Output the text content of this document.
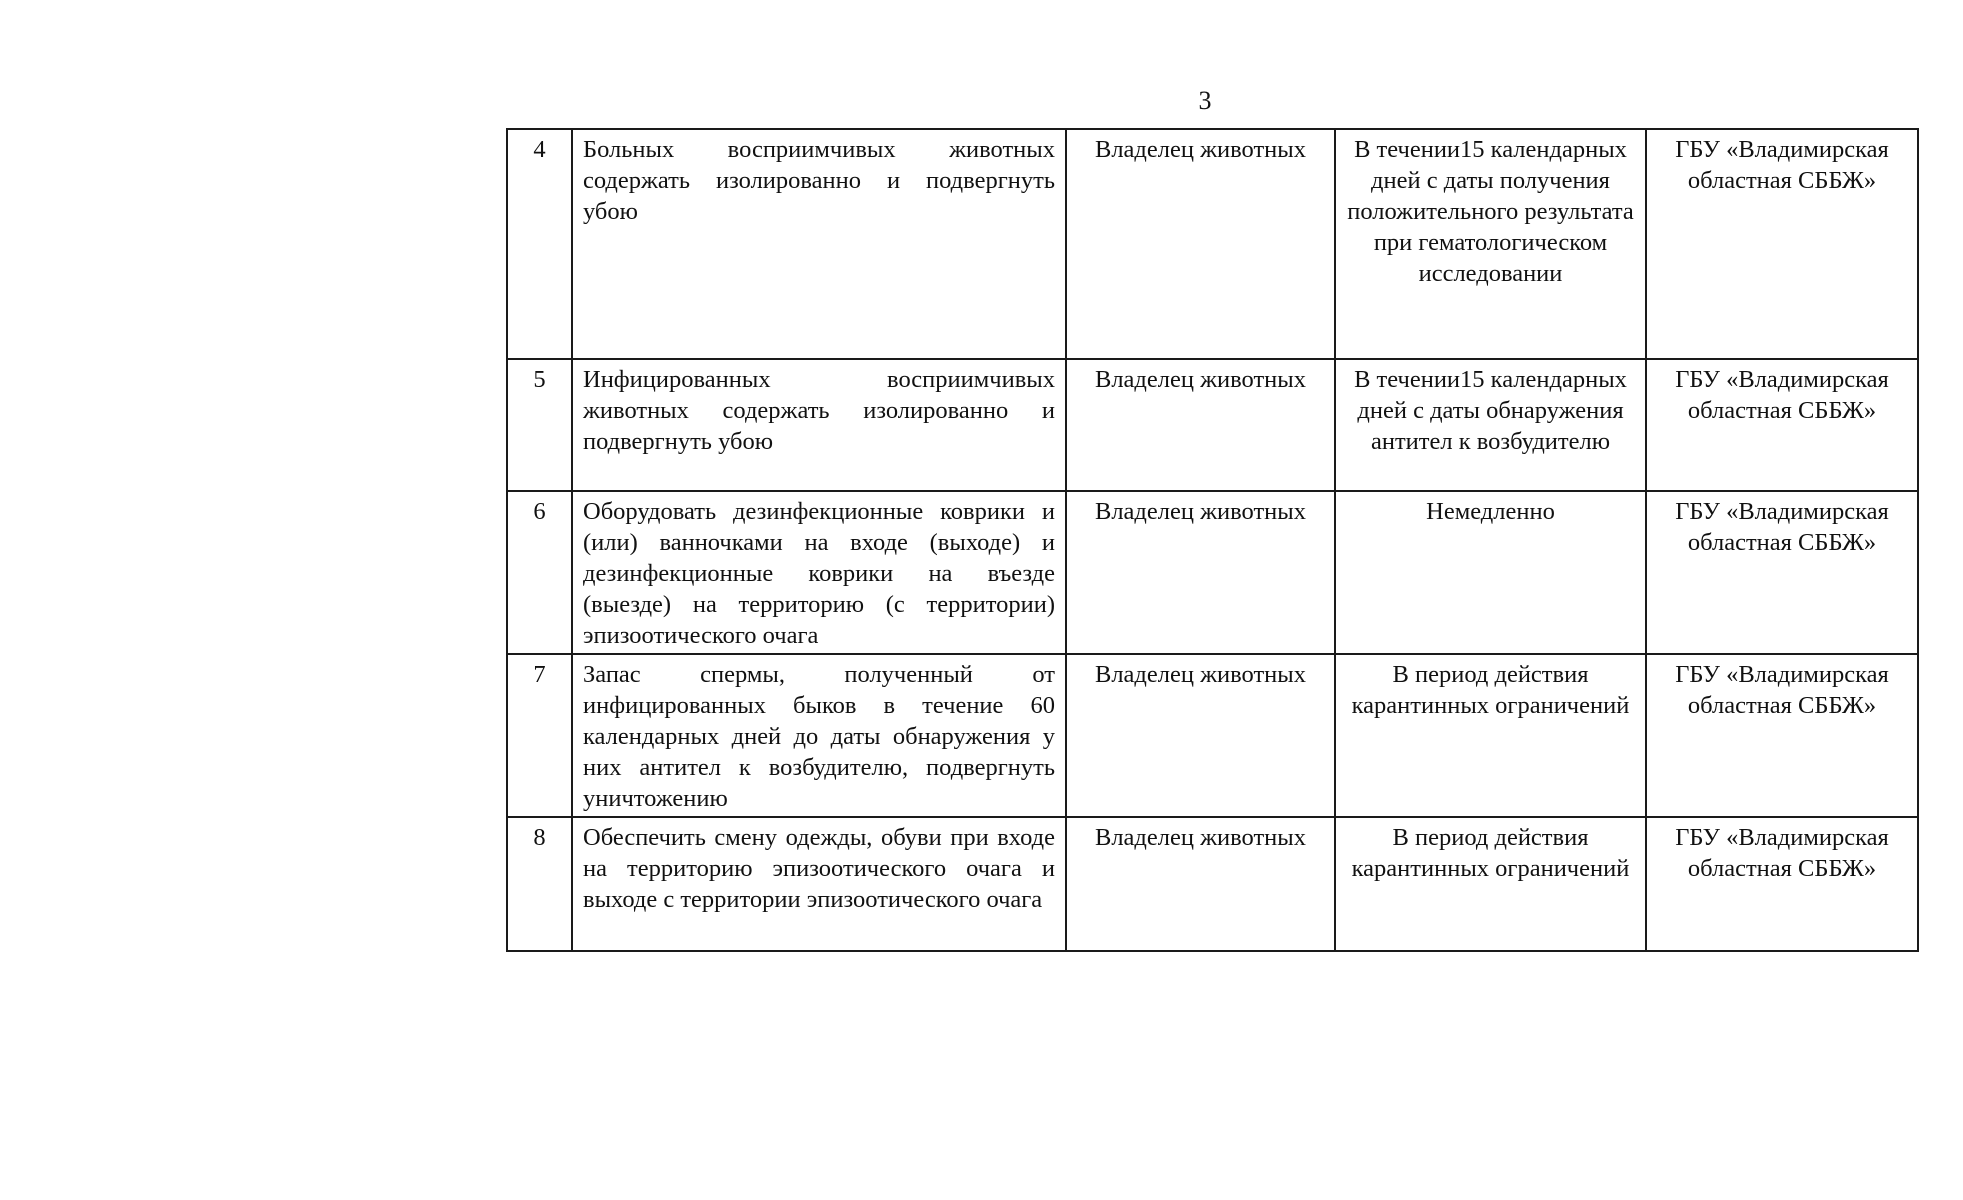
3
4	Больных восприимчивых животных содержать изолированно и подвергнуть убою	Владелец животных	В течении15 календарных дней с даты получения положительного результата при гематологическом исследовании	ГБУ «Владимирская областная СББЖ»
5	Инфицированных восприимчивых животных содержать изолированно и подвергнуть убою	Владелец животных	В течении15 календарных дней с даты обнаружения антител к возбудителю	ГБУ «Владимирская областная СББЖ»
6	Оборудовать дезинфекционные коврики и (или) ванночками на входе (выходе) и дезинфекционные коврики на въезде (выезде) на территорию (с территории) эпизоотического очага	Владелец животных	Немедленно	ГБУ «Владимирская областная СББЖ»
7	Запас спермы, полученный от инфицированных быков в течение 60 календарных дней до даты обнаружения у них антител к возбудителю, подвергнуть уничтожению	Владелец животных	В период действия карантинных ограничений	ГБУ «Владимирская областная СББЖ»
8	Обеспечить смену одежды, обуви при входе на территорию эпизоотического очага и выходе с территории эпизоотического очага	Владелец животных	В период действия карантинных ограничений	ГБУ «Владимирская областная СББЖ»
